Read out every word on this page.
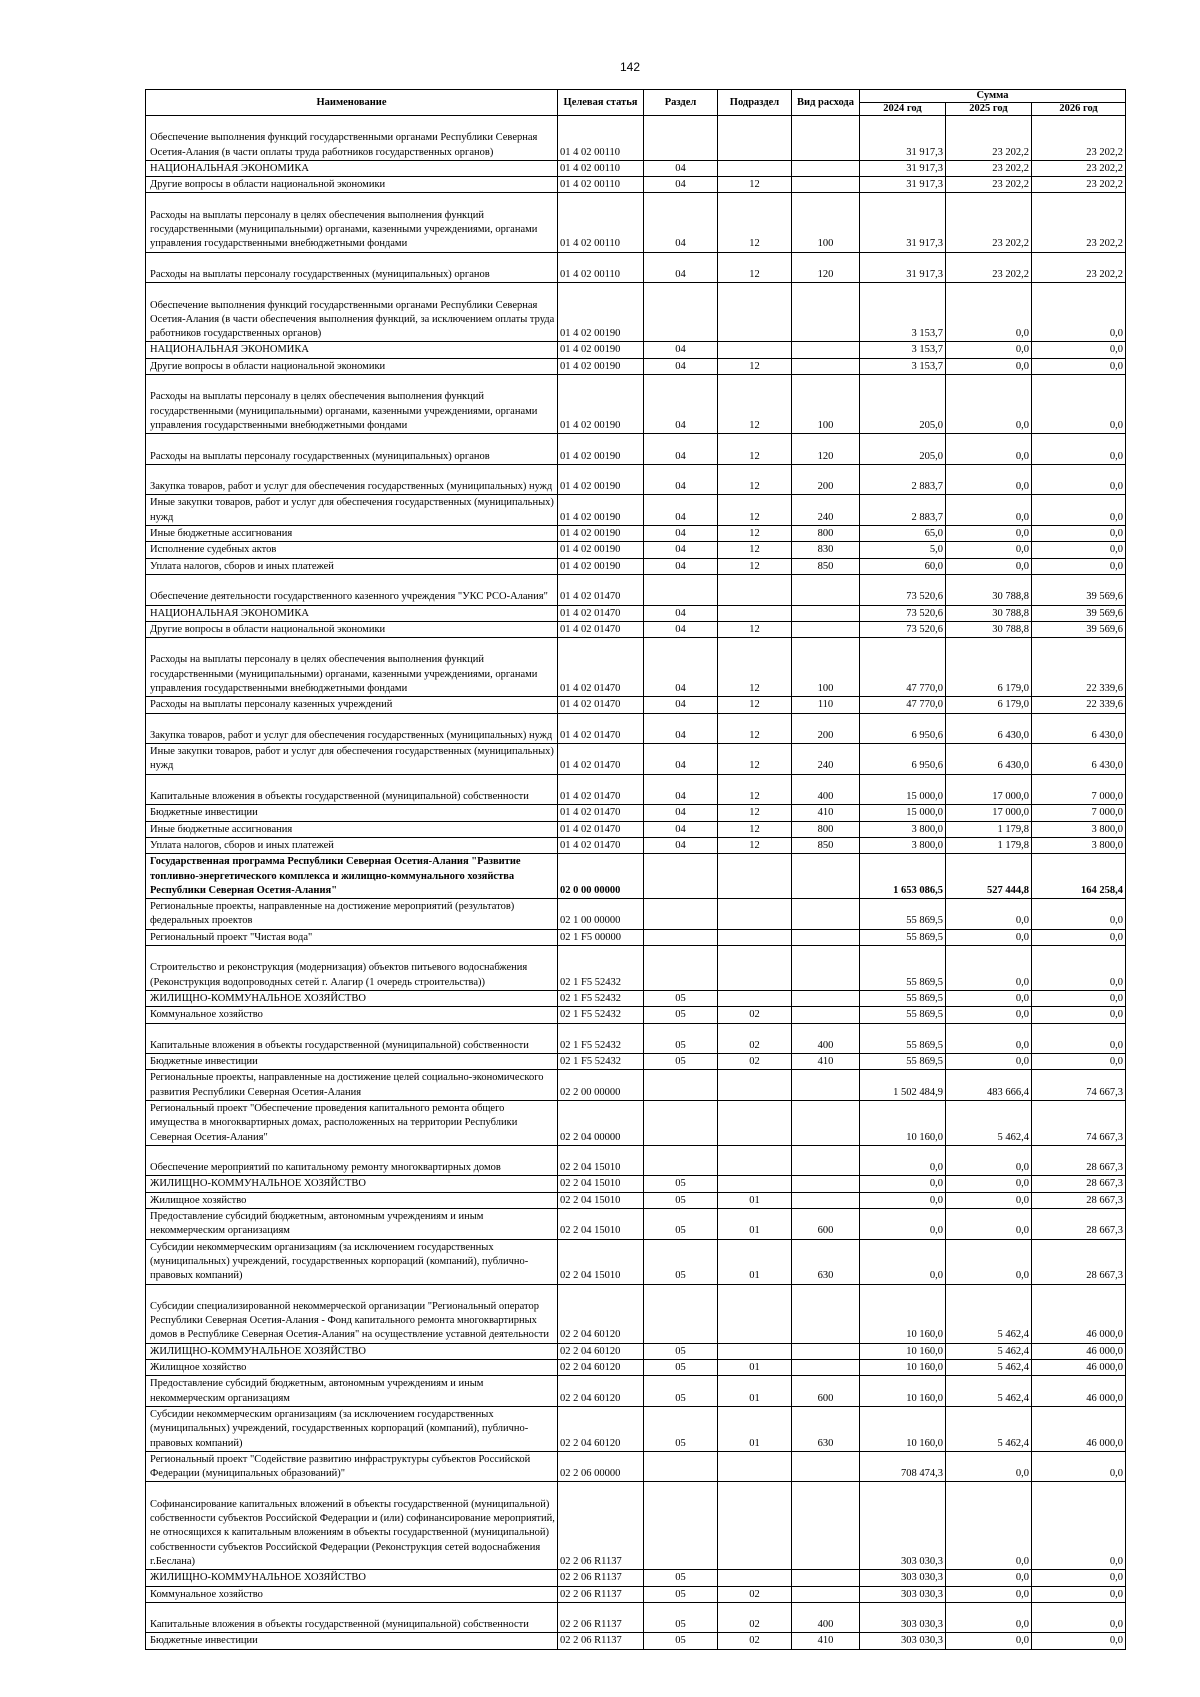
142
Наименование	Целевая статья	Раздел	Подраздел	Вид расхода	Сумма		
					2024 год	2025 год	2026 год
Обеспечение выполнения функций государственными органами Республики Северная Осетия-Алания (в части оплаты труда работников государственных органов)	01 4 02 00110				31 917,3	23 202,2	23 202,2
НАЦИОНАЛЬНАЯ ЭКОНОМИКА	01 4 02 00110	04			31 917,3	23 202,2	23 202,2
Другие вопросы в области национальной экономики	01 4 02 00110	04	12		31 917,3	23 202,2	23 202,2
Расходы на выплаты персоналу в целях обеспечения выполнения функций государственными (муниципальными) органами, казенными учреждениями, органами управления государственными внебюджетными фондами	01 4 02 00110	04	12	100	31 917,3	23 202,2	23 202,2
Расходы на выплаты персоналу государственных (муниципальных) органов	01 4 02 00110	04	12	120	31 917,3	23 202,2	23 202,2
Обеспечение выполнения функций государственными органами Республики Северная Осетия-Алания (в части обеспечения выполнения функций, за исключением оплаты труда работников государственных органов)	01 4 02 00190				3 153,7	0,0	0,0
НАЦИОНАЛЬНАЯ ЭКОНОМИКА	01 4 02 00190	04			3 153,7	0,0	0,0
Другие вопросы в области национальной экономики	01 4 02 00190	04	12		3 153,7	0,0	0,0
Расходы на выплаты персоналу в целях обеспечения выполнения функций государственными (муниципальными) органами, казенными учреждениями, органами управления государственными внебюджетными фондами	01 4 02 00190	04	12	100	205,0	0,0	0,0
Расходы на выплаты персоналу государственных (муниципальных) органов	01 4 02 00190	04	12	120	205,0	0,0	0,0
Закупка товаров, работ и услуг для обеспечения государственных (муниципальных) нужд	01 4 02 00190	04	12	200	2 883,7	0,0	0,0
Иные закупки товаров, работ и услуг для обеспечения государственных (муниципальных) нужд	01 4 02 00190	04	12	240	2 883,7	0,0	0,0
Иные бюджетные ассигнования	01 4 02 00190	04	12	800	65,0	0,0	0,0
Исполнение судебных актов	01 4 02 00190	04	12	830	5,0	0,0	0,0
Уплата налогов, сборов и иных платежей	01 4 02 00190	04	12	850	60,0	0,0	0,0
Обеспечение деятельности государственного казенного учреждения "УКС РСО-Алания"	01 4 02 01470				73 520,6	30 788,8	39 569,6
НАЦИОНАЛЬНАЯ ЭКОНОМИКА	01 4 02 01470	04			73 520,6	30 788,8	39 569,6
Другие вопросы в области национальной экономики	01 4 02 01470	04	12		73 520,6	30 788,8	39 569,6
Расходы на выплаты персоналу в целях обеспечения выполнения функций государственными (муниципальными) органами, казенными учреждениями, органами управления государственными внебюджетными фондами	01 4 02 01470	04	12	100	47 770,0	6 179,0	22 339,6
Расходы на выплаты персоналу казенных учреждений	01 4 02 01470	04	12	110	47 770,0	6 179,0	22 339,6
Закупка товаров, работ и услуг для обеспечения государственных (муниципальных) нужд	01 4 02 01470	04	12	200	6 950,6	6 430,0	6 430,0
Иные закупки товаров, работ и услуг для обеспечения государственных (муниципальных) нужд	01 4 02 01470	04	12	240	6 950,6	6 430,0	6 430,0
Капитальные вложения в объекты государственной (муниципальной) собственности	01 4 02 01470	04	12	400	15 000,0	17 000,0	7 000,0
Бюджетные инвестиции	01 4 02 01470	04	12	410	15 000,0	17 000,0	7 000,0
Иные бюджетные ассигнования	01 4 02 01470	04	12	800	3 800,0	1 179,8	3 800,0
Уплата налогов, сборов и иных платежей	01 4 02 01470	04	12	850	3 800,0	1 179,8	3 800,0
Государственная программа Республики Северная Осетия-Алания "Развитие топливно-энергетического комплекса и жилищно-коммунального хозяйства Республики Северная Осетия-Алания"	02 0 00 00000				1 653 086,5	527 444,8	164 258,4
Региональные проекты, направленные на достижение мероприятий (результатов) федеральных проектов	02 1 00 00000				55 869,5	0,0	0,0
Региональный проект "Чистая вода"	02 1 F5 00000				55 869,5	0,0	0,0
Строительство и реконструкция (модернизация) объектов питьевого водоснабжения (Реконструкция водопроводных сетей г. Алагир (1 очередь строительства))	02 1 F5 52432				55 869,5	0,0	0,0
ЖИЛИЩНО-КОММУНАЛЬНОЕ ХОЗЯЙСТВО	02 1 F5 52432	05			55 869,5	0,0	0,0
Коммунальное хозяйство	02 1 F5 52432	05	02		55 869,5	0,0	0,0
Капитальные вложения в объекты государственной (муниципальной) собственности	02 1 F5 52432	05	02	400	55 869,5	0,0	0,0
Бюджетные инвестиции	02 1 F5 52432	05	02	410	55 869,5	0,0	0,0
Региональные проекты, направленные на достижение целей социально-экономического развития Республики Северная Осетия-Алания	02 2 00 00000				1 502 484,9	483 666,4	74 667,3
Региональный проект "Обеспечение проведения капитального ремонта общего имущества в многоквартирных домах, расположенных на территории Республики Северная Осетия-Алания"	02 2 04 00000				10 160,0	5 462,4	74 667,3
Обеспечение мероприятий по капитальному ремонту многоквартирных домов	02 2 04 15010				0,0	0,0	28 667,3
ЖИЛИЩНО-КОММУНАЛЬНОЕ ХОЗЯЙСТВО	02 2 04 15010	05			0,0	0,0	28 667,3
Жилищное хозяйство	02 2 04 15010	05	01		0,0	0,0	28 667,3
Предоставление субсидий бюджетным, автономным учреждениям и иным некоммерческим организациям	02 2 04 15010	05	01	600	0,0	0,0	28 667,3
Субсидии некоммерческим организациям (за исключением государственных (муниципальных) учреждений, государственных корпораций (компаний), публично-правовых компаний)	02 2 04 15010	05	01	630	0,0	0,0	28 667,3
Субсидии специализированной некоммерческой организации "Региональный оператор Республики Северная Осетия-Алания - Фонд капитального ремонта многоквартирных домов в Республике Северная Осетия-Алания" на осуществление уставной деятельности	02 2 04 60120				10 160,0	5 462,4	46 000,0
ЖИЛИЩНО-КОММУНАЛЬНОЕ ХОЗЯЙСТВО	02 2 04 60120	05			10 160,0	5 462,4	46 000,0
Жилищное хозяйство	02 2 04 60120	05	01		10 160,0	5 462,4	46 000,0
Предоставление субсидий бюджетным, автономным учреждениям и иным некоммерческим организациям	02 2 04 60120	05	01	600	10 160,0	5 462,4	46 000,0
Субсидии некоммерческим организациям (за исключением государственных (муниципальных) учреждений, государственных корпораций (компаний), публично-правовых компаний)	02 2 04 60120	05	01	630	10 160,0	5 462,4	46 000,0
Региональный проект "Содействие развитию инфраструктуры субъектов Российской Федерации (муниципальных образований)"	02 2 06 00000				708 474,3	0,0	0,0
Софинансирование капитальных вложений в объекты государственной (муниципальной) собственности субъектов Российской Федерации и (или) софинансирование мероприятий, не относящихся к капитальным вложениям в объекты государственной (муниципальной) собственности субъектов Российской Федерации (Реконструкция сетей водоснабжения г.Беслана)	02 2 06 R1137				303 030,3	0,0	0,0
ЖИЛИЩНО-КОММУНАЛЬНОЕ ХОЗЯЙСТВО	02 2 06 R1137	05			303 030,3	0,0	0,0
Коммунальное хозяйство	02 2 06 R1137	05	02		303 030,3	0,0	0,0
Капитальные вложения в объекты государственной (муниципальной) собственности	02 2 06 R1137	05	02	400	303 030,3	0,0	0,0
Бюджетные инвестиции	02 2 06 R1137	05	02	410	303 030,3	0,0	0,0
